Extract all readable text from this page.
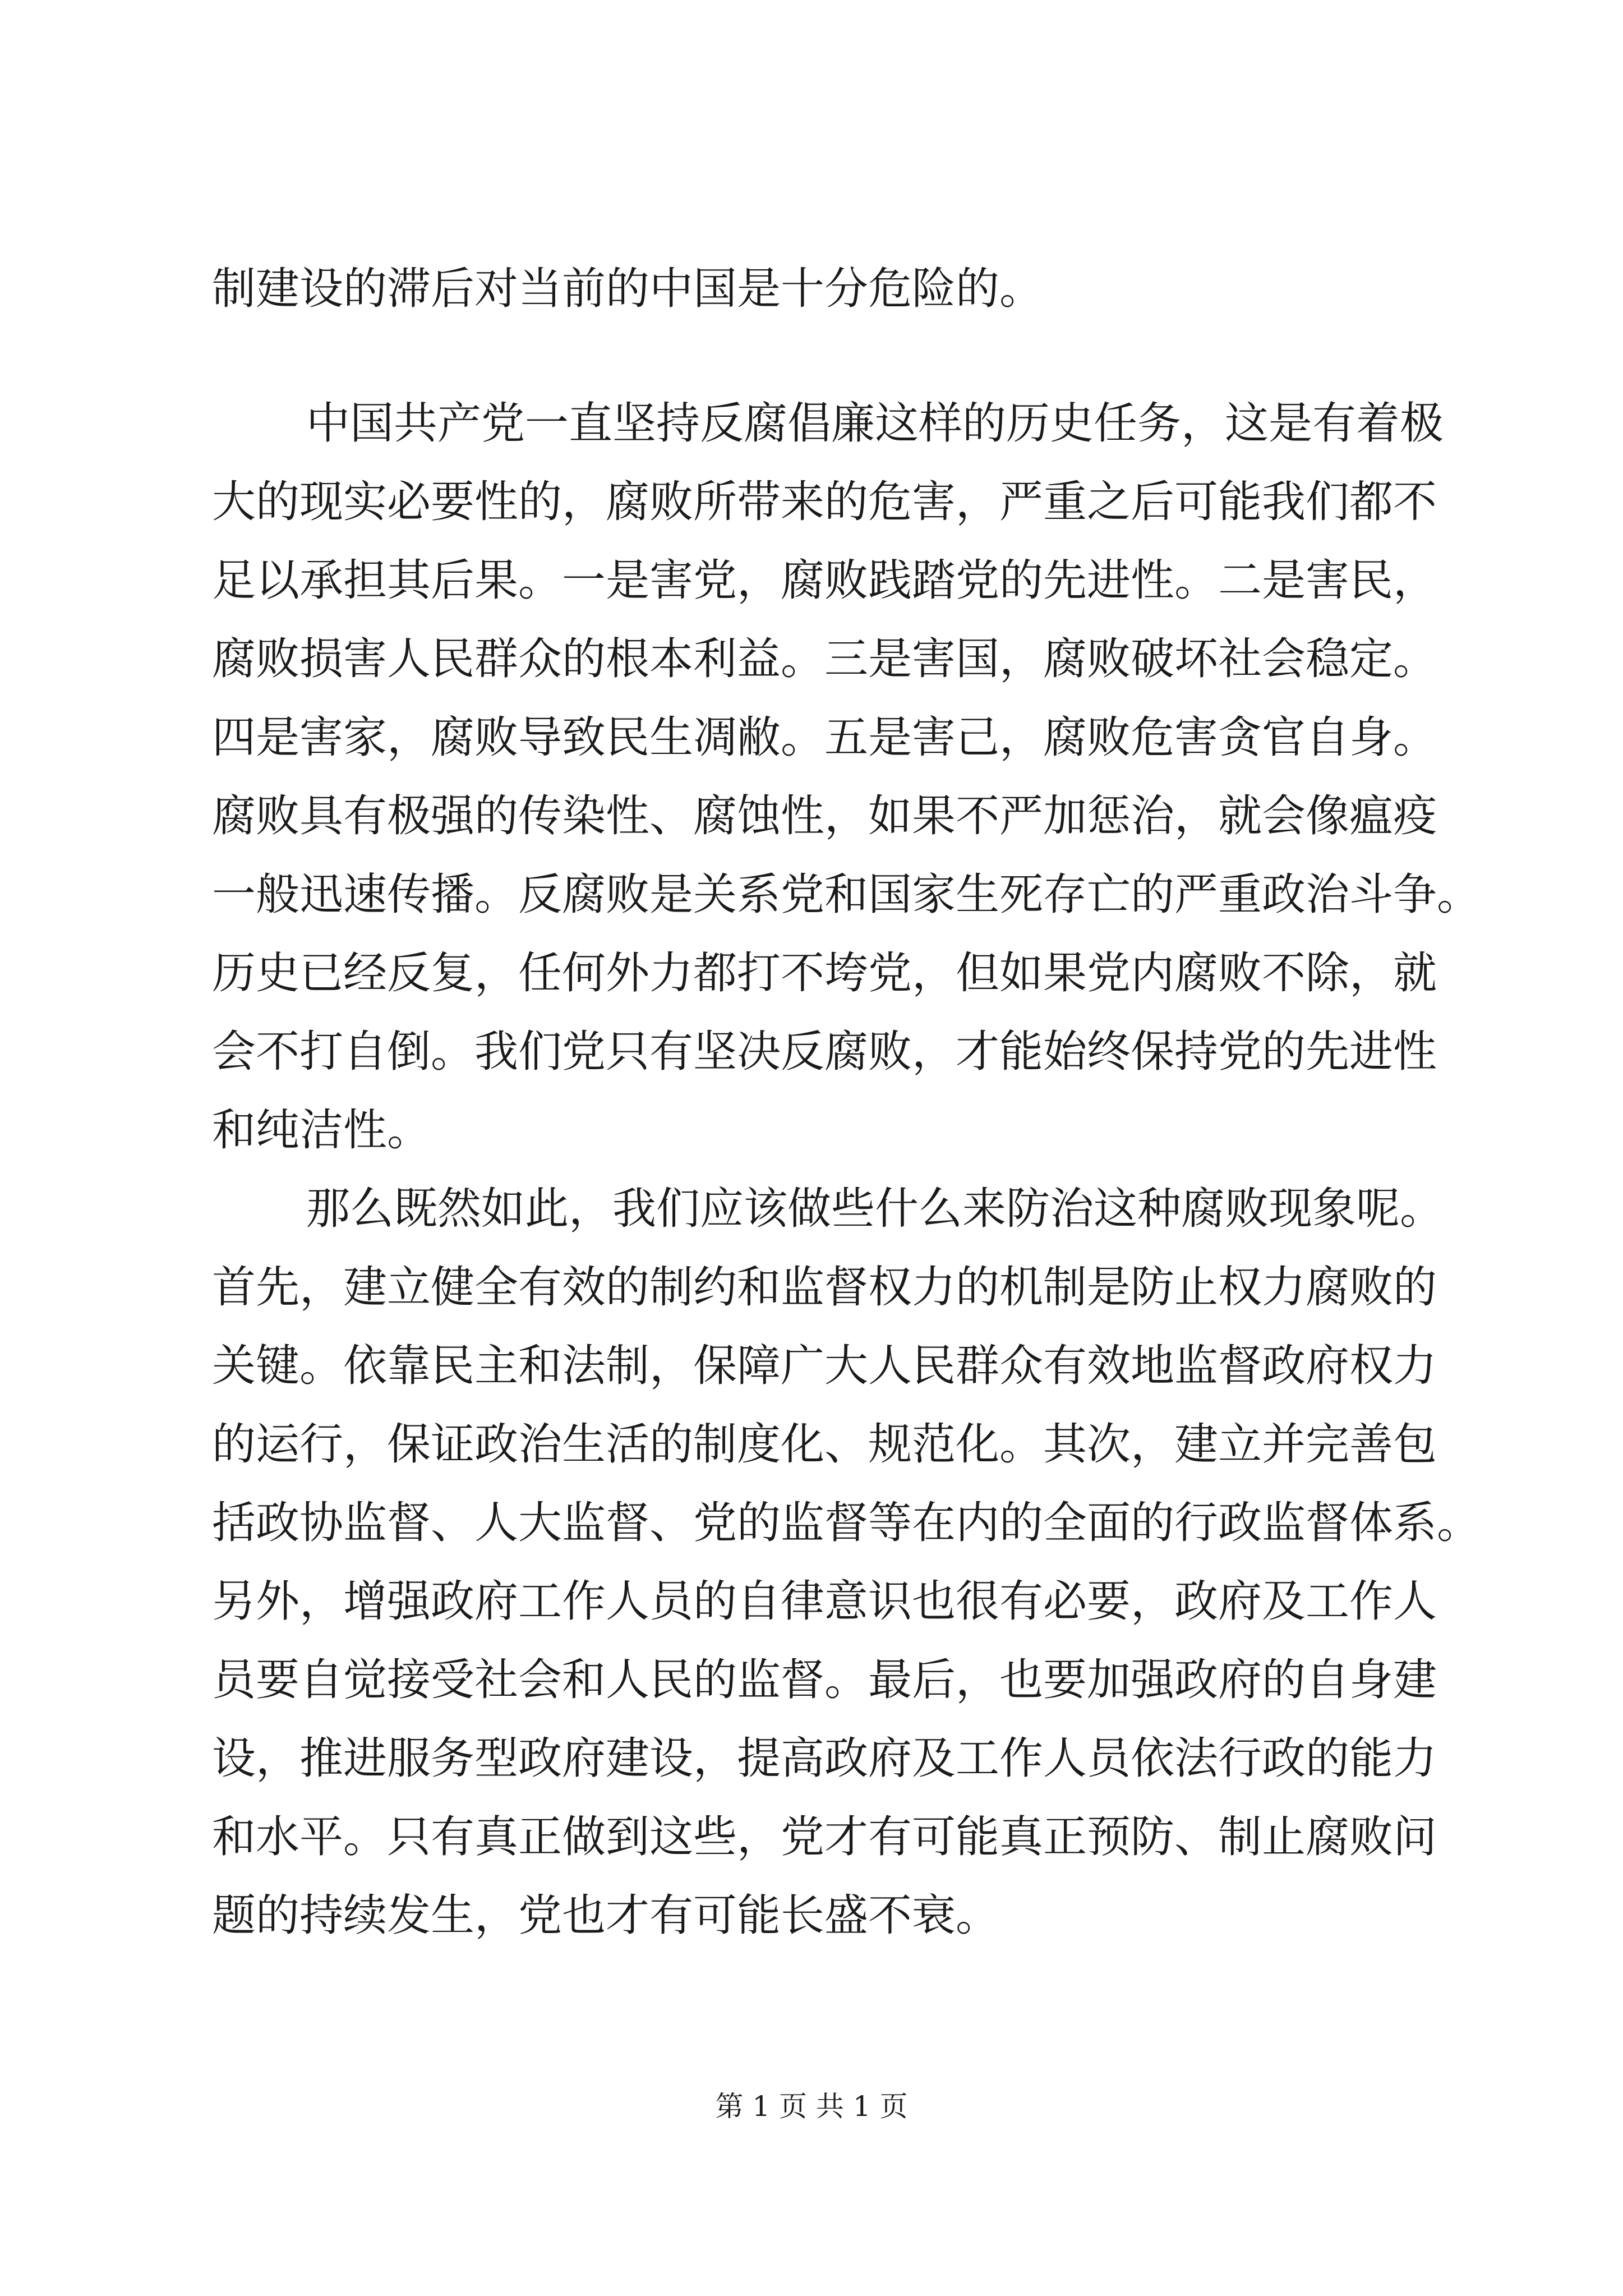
制建设的滞后对当前的中国是十分危险的。
中国共产党一直坚持反腐倡廉这样的历史任务，这是有着极
大的现实必要性的，腐败所带来的危害，严重之后可能我们都不
足以承担其后果。一是害党，腐败践踏党的先进性。二是害民，
腐败损害人民群众的根本利益。三是害国，腐败破坏社会稳定。
四是害家，腐败导致民生凋敝。五是害己，腐败危害贪官自身。
腐败具有极强的传染性、腐蚀性，如果不严加惩治，就会像瘟疫
一般迅速传播。反腐败是关系党和国家生死存亡的严重政治斗争。
历史已经反复，任何外力都打不垮党，但如果党内腐败不除，就
会不打自倒。我们党只有坚决反腐败，才能始终保持党的先进性
和纯洁性。
那么既然如此，我们应该做些什么来防治这种腐败现象呢。
首先，建立健全有效的制约和监督权力的机制是防止权力腐败的
关键。依靠民主和法制，保障广大人民群众有效地监督政府权力
的运行，保证政治生活的制度化、规范化。其次，建立并完善包
括政协监督、人大监督、党的监督等在内的全面的行政监督体系。
另外，增强政府工作人员的自律意识也很有必要，政府及工作人
员要自觉接受社会和人民的监督。最后，也要加强政府的自身建
设，推进服务型政府建设，提高政府及工作人员依法行政的能力
和水平。只有真正做到这些，党才有可能真正预防、制止腐败问
题的持续发生，党也才有可能长盛不衰。
第 1 页 共 1 页
